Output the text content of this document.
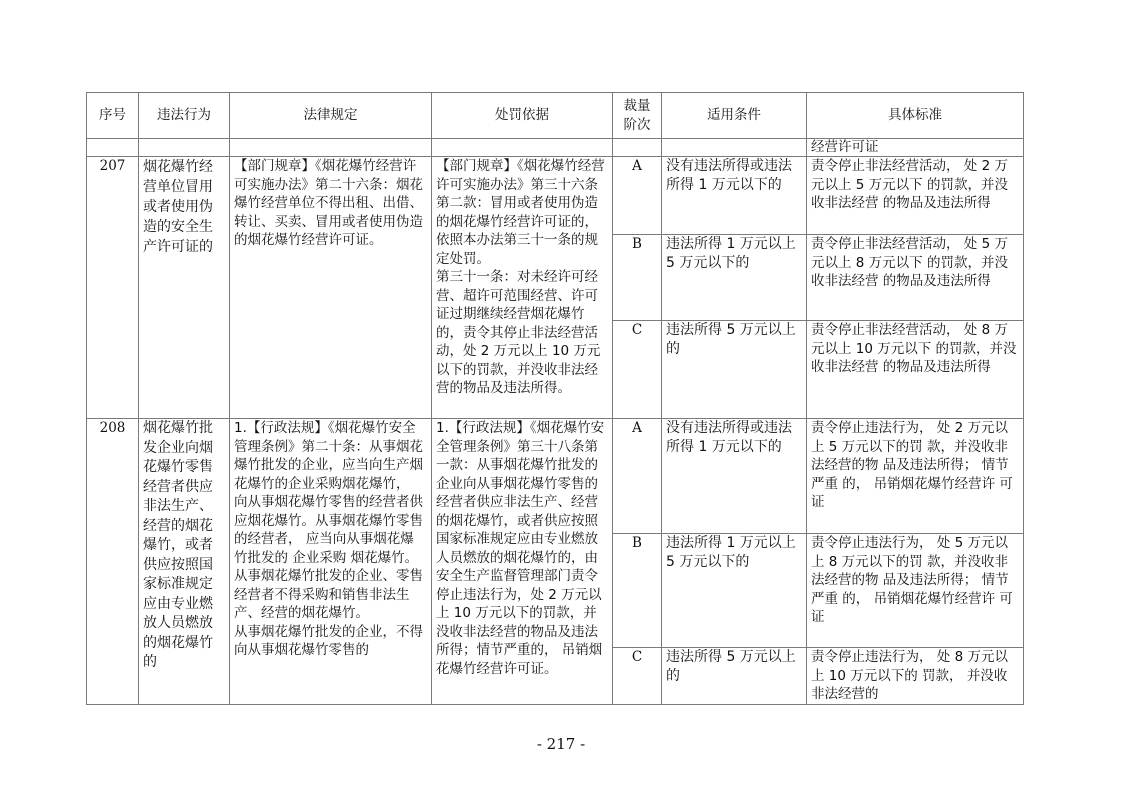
序号	违法行为	法律规定	处罚依据	裁量
阶次	适用条件	具体标准
						经营许可证
207	烟花爆竹经营单位冒用或者使用伪造的安全生产许可证的	【部门规章】《烟花爆竹经营许可实施办法》第二十六条：烟花爆竹经营单位不得出租、出借、转让、买卖、冒用或者使用伪造的烟花爆竹经营许可证。	【部门规章】《烟花爆竹经营许可实施办法》第三十六条第二款：冒用或者使用伪造的烟花爆竹经营许可证的，依照本办法第三十一条的规定处罚。
第三十一条：对未经许可经营、超许可范围经营、许可证过期继续经营烟花爆竹的，责令其停止非法经营活动，处 2 万元以上 10 万元以下的罚款，并没收非法经营的物品及违法所得。	A	没有违法所得或违法所得 1 万元以下的	责令停止非法经营活动， 处 2 万元以上 5 万元以下 的罚款，并没收非法经营 的物品及违法所得
				B	违法所得 1 万元以上 5 万元以下的	责令停止非法经营活动， 处 5 万元以上 8 万元以下 的罚款，并没收非法经营 的物品及违法所得
				C	违法所得 5 万元以上的	责令停止非法经营活动， 处 8 万元以上 10 万元以下 的罚款，并没收非法经营 的物品及违法所得
208	烟花爆竹批发企业向烟花爆竹零售经营者供应非法生产、经营的烟花爆竹，或者供应按照国家标准规定应由专业燃放人员燃放的烟花爆竹的	1.【行政法规】《烟花爆竹安全管理条例》第二十条：从事烟花爆竹批发的企业，应当向生产烟花爆竹的企业采购烟花爆竹， 向从事烟花爆竹零售的经营者供应烟花爆竹。从事烟花爆竹零售的经营者， 应当向从事烟花爆竹批发的 企业采购 烟花爆竹。
从事烟花爆竹批发的企业、零售经营者不得采购和销售非法生产、经营的烟花爆竹。
从事烟花爆竹批发的企业，不得向从事烟花爆竹零售的	1.【行政法规】《烟花爆竹安全管理条例》第三十八条第一款：从事烟花爆竹批发的企业向从事烟花爆竹零售的经营者供应非法生产、经营的烟花爆竹，或者供应按照国家标准规定应由专业燃放人员燃放的烟花爆竹的，由安全生产监督管理部门责令停止违法行为，处 2 万元以上 10 万元以下的罚款，并没收非法经营的物品及违法所得；情节严重的， 吊销烟花爆竹经营许可证。	A	没有违法所得或违法所得 1 万元以下的	责令停止违法行为， 处 2 万元以上 5 万元以下的罚 款，并没收非法经营的物 品及违法所得； 情节严重 的， 吊销烟花爆竹经营许 可证
				B	违法所得 1 万元以上 5 万元以下的	责令停止违法行为， 处 5 万元以上 8 万元以下的罚 款，并没收非法经营的物 品及违法所得； 情节严重 的， 吊销烟花爆竹经营许 可证
				C	违法所得 5 万元以上的	责令停止违法行为， 处 8 万元以上 10 万元以下的 罚款， 并没收非法经营的
- 217 -
